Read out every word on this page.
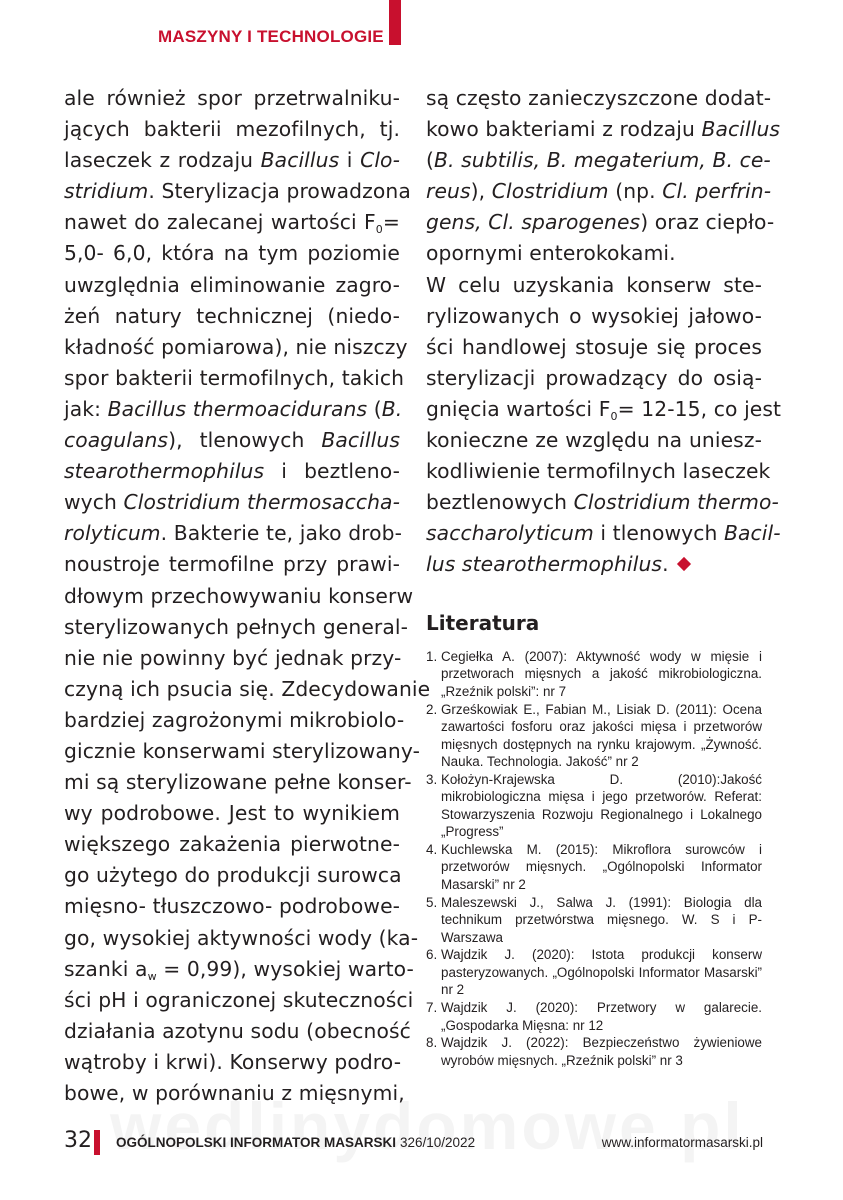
MASZYNY I TECHNOLOGIE
ale również spor przetrwalniku-
jących bakterii mezofilnych, tj.
laseczek z rodzaju Bacillus i Clo-
stridium. Sterylizacja prowadzona
nawet do zalecanej wartości $F_0=$
5,0- 6,0, która na tym poziomie
uwzględnia eliminowanie zagro-
żeń natury technicznej (niedo-
kładność pomiarowa), nie niszczy
spor bakterii termofilnych, takich
jak: Bacillus thermoacidurans (B.
coagulans), tlenowych Bacillus
stearothermophilus i beztleno-
wych Clostridium thermosaccha-
rolyticum. Bakterie te, jako drob-
noustroje termofilne przy prawi-
dłowym przechowywaniu konserw
sterylizowanych pełnych general-
nie nie powinny być jednak przy-
czyną ich psucia się. Zdecydowanie
bardziej zagrożonymi mikrobiolo-
gicznie konserwami sterylizowany-
mi są sterylizowane pełne konser-
wy podrobowe. Jest to wynikiem
większego zakażenia pierwotne-
go użytego do produkcji surowca
mięsno- tłuszczowo- podrobowe-
go, wysokiej aktywności wody (ka-
szanki $a_w = 0,99$), wysokiej warto-
ści pH i ograniczonej skuteczności
działania azotynu sodu (obecność
wątroby i krwi). Konserwy podro-
bowe, w porównaniu z mięsnymi,
są często zanieczyszczone dodat-
kowo bakteriami z rodzaju Bacillus
(B. subtilis, B. megaterium, B. ce-
reus), Clostridium (np. Cl. perfrin-
gens, Cl. sparogenes) oraz ciepło-
opornymi enterokokami.
W celu uzyskania konserw ste-
rylizowanych o wysokiej jałowo-
ści handlowej stosuje się proces
sterylizacji prowadzący do osią-
gnięcia wartości $F_0= 12-15$, co jest
konieczne ze względu na uniesz-
kodliwienie termofilnych laseczek
beztlenowych Clostridium thermo-
saccharolyticum i tlenowych Bacil-
lus stearothermophilus.
Literatura
1. Cegiełka A. (2007): Aktywność wody w mięsie i przetworach mięsnych a jakość mikrobiologiczna. „Rzeźnik polski”: nr 7
2. Grześkowiak E., Fabian M., Lisiak D. (2011): Ocena zawartości fosforu oraz jakości mięsa i przetworów mięsnych dostępnych na rynku krajowym. „Żywność. Nauka. Technologia. Jakość” nr 2
3. Kołożyn-Krajewska D. (2010):Jakość mikrobiologiczna mięsa i jego przetworów. Referat: Stowarzyszenia Rozwoju Regionalnego i Lokalnego „Progress”
4. Kuchlewska M. (2015): Mikroflora surowców i przetworów mięsnych. „Ogólnopolski Informator Masarski” nr 2
5. Maleszewski J., Salwa J. (1991): Biologia dla technikum przetwórstwa mięsnego. W. S i P- Warszawa
6. Wajdzik J. (2020): Istota produkcji konserw pasteryzowanych. „Ogólnopolski Informator Masarski” nr 2
7. Wajdzik J. (2020): Przetwory w galarecie. „Gospodarka Mięsna: nr 12
8. Wajdzik J. (2022): Bezpieczeństwo żywieniowe wyrobów mięsnych. „Rzeźnik polski” nr 3
32 OGÓLNOPOLSKI INFORMATOR MASARSKI 326/10/2022	www.informatormasarski.pl
